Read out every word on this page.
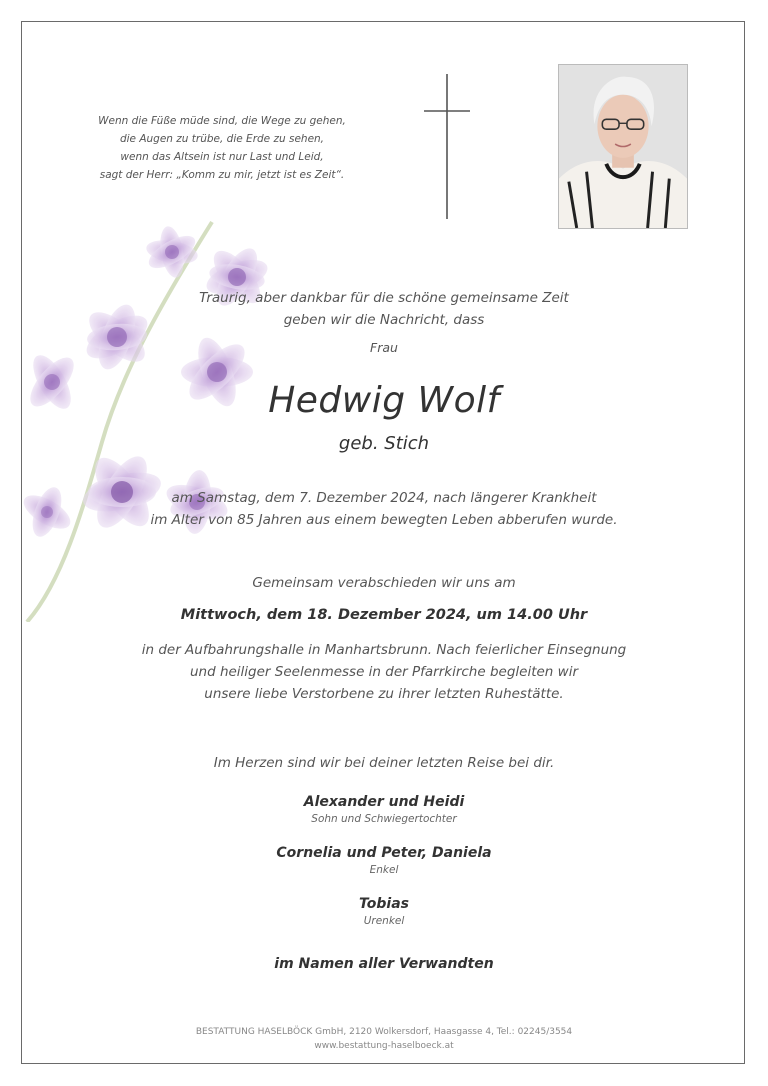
Wenn die Füße müde sind, die Wege zu gehen,
die Augen zu trübe, die Erde zu sehen,
wenn das Altsein ist nur Last und Leid,
sagt der Herr: „Komm zu mir, jetzt ist es Zeit“.
Traurig, aber dankbar für die schöne gemeinsame Zeit
geben wir die Nachricht, dass
Frau
Hedwig Wolf
geb. Stich
am Samstag, dem 7. Dezember 2024, nach längerer Krankheit
im Alter von 85 Jahren aus einem bewegten Leben abberufen wurde.
Gemeinsam verabschieden wir uns am
Mittwoch, dem 18. Dezember 2024, um 14.00 Uhr
in der Aufbahrungshalle in Manhartsbrunn. Nach feierlicher Einsegnung
und heiliger Seelenmesse in der Pfarrkirche begleiten wir
unsere liebe Verstorbene zu ihrer letzten Ruhestätte.
Im Herzen sind wir bei deiner letzten Reise bei dir.
Alexander und Heidi
Sohn und Schwiegertochter
Cornelia und Peter, Daniela
Enkel
Tobias
Urenkel
im Namen aller Verwandten
BESTATTUNG HASELBÖCK GmbH, 2120 Wolkersdorf, Haasgasse 4, Tel.: 02245/3554
www.bestattung-haselboeck.at
